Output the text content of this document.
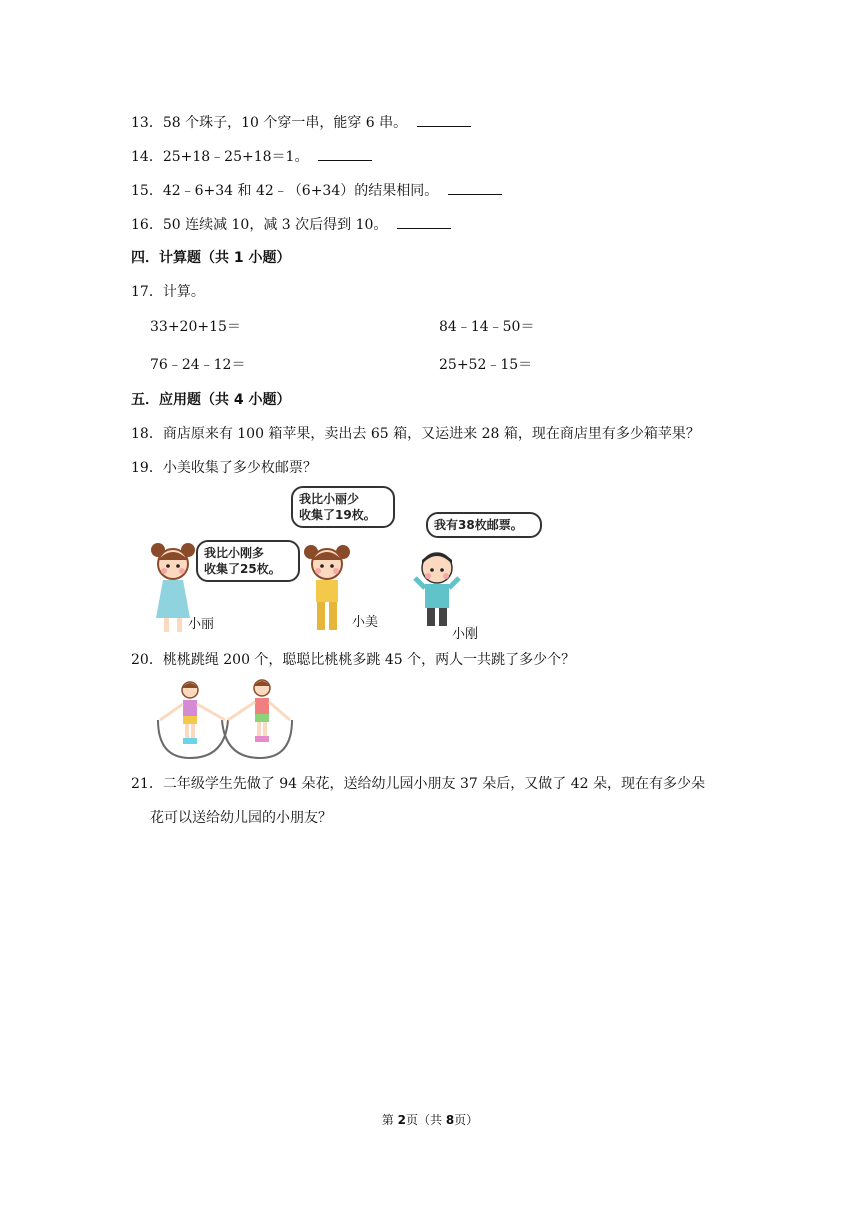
13．58 个珠子，10 个穿一串，能穿 6 串。
14．25+18﹣25+18＝1。
15．42﹣6+34 和 42﹣（6+34）的结果相同。
16．50 连续减 10，减 3 次后得到 10。
四．计算题（共 1 小题）
17．计算。
33+20+15＝	84﹣14﹣50＝
76﹣24﹣12＝	25+52﹣15＝
五．应用题（共 4 小题）
18．商店原来有 100 箱苹果，卖出去 65 箱，又运进来 28 箱，现在商店里有多少箱苹果？
19．小美收集了多少枚邮票？
我比小刚多
收集了25枚。
我比小丽少
收集了19枚。
我有38枚邮票。
小丽	小美
小刚
20．桃桃跳绳 200 个，聪聪比桃桃多跳 45 个，两人一共跳了多少个？
21．二年级学生先做了 94 朵花，送给幼儿园小朋友 37 朵后，又做了 42 朵，现在有多少朵
花可以送给幼儿园的小朋友？
第 2页（共 8页）
